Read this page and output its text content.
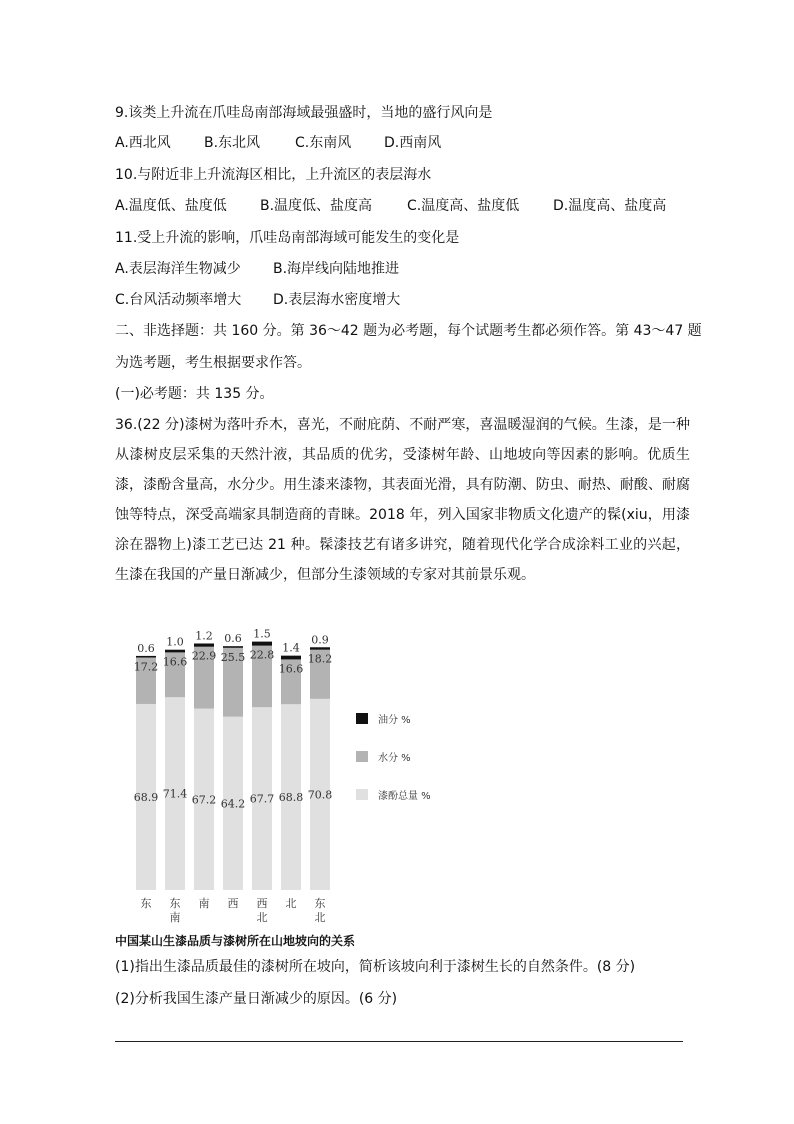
9.该类上升流在爪哇岛南部海域最强盛时，当地的盛行风向是
A.西北风 B.东北风 C.东南风 D.西南风
10.与附近非上升流海区相比，上升流区的表层海水
A.温度低、盐度低 B.温度低、盐度高 C.温度高、盐度低 D.温度高、盐度高
11.受上升流的影响，爪哇岛南部海域可能发生的变化是
A.表层海洋生物减少 B.海岸线向陆地推进
C.台风活动频率增大 D.表层海水密度增大
二、非选择题：共 160 分。第 36～42 题为必考题，每个试题考生都必须作答。第 43～47 题
为选考题，考生根据要求作答。
(一)必考题：共 135 分。
36.(22 分)漆树为落叶乔木，喜光，不耐庇荫、不耐严寒，喜温暖湿润的气候。生漆，是一种从漆树皮层采集的天然汁液，其品质的优劣，受漆树年龄、山地坡向等因素的影响。优质生漆，漆酚含量高，水分少。用生漆来漆物，其表面光滑，具有防潮、防虫、耐热、耐酸、耐腐蚀等特点，深受高端家具制造商的青睐。2018 年，列入国家非物质文化遗产的髹(xiu，用漆涂在器物上)漆工艺已达 21 种。髹漆技艺有诸多讲究，随着现代化学合成涂料工业的兴起，生漆在我国的产量日渐减少，但部分生漆领域的专家对其前景乐观。
68.9
17.2
0.6
东
71.4
16.6
1.0
东
南
67.2
22.9
1.2
南
64.2
25.5
0.6
西
67.7
22.8
1.5
西
北
68.8
16.6
1.4
北
70.8
18.2
0.9
东
北
油分 %
水分 %
漆酚总量 %
中国某山生漆品质与漆树所在山地坡向的关系
(1)指出生漆品质最佳的漆树所在坡向，简析该坡向利于漆树生长的自然条件。(8 分)
(2)分析我国生漆产量日渐减少的原因。(6 分)
